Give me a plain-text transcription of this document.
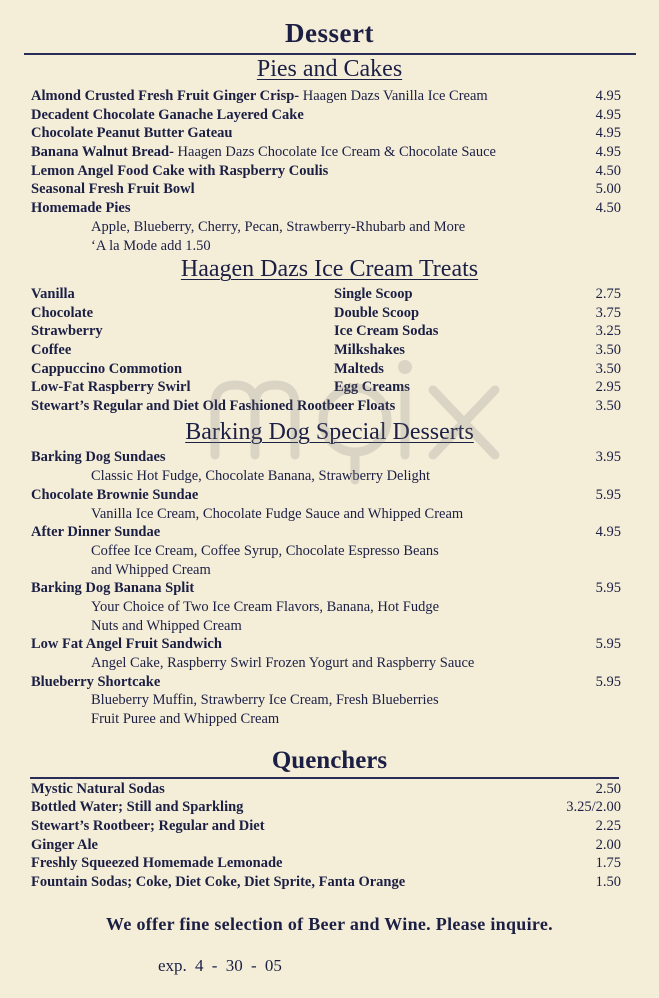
Dessert
Pies and Cakes
Almond Crusted Fresh Fruit Ginger Crisp- Haagen Dazs Vanilla Ice Cream	4.95
Decadent Chocolate Ganache Layered Cake	4.95
Chocolate Peanut Butter Gateau	4.95
Banana Walnut Bread- Haagen Dazs Chocolate Ice Cream & Chocolate Sauce	4.95
Lemon Angel Food Cake with Raspberry Coulis	4.50
Seasonal Fresh Fruit Bowl	5.00
Homemade Pies	4.50
Apple, Blueberry, Cherry, Pecan, Strawberry-Rhubarb and More
‘A la Mode add 1.50
Haagen Dazs Ice Cream Treats
Vanilla	Single Scoop	2.75
Chocolate	Double Scoop	3.75
Strawberry	Ice Cream Sodas	3.25
Coffee	Milkshakes	3.50
Cappuccino Commotion	Malteds	3.50
Low-Fat Raspberry Swirl	Egg Creams	2.95
Stewart’s Regular and Diet Old Fashioned Rootbeer Floats	3.50
Barking Dog Special Desserts
Barking Dog Sundaes	3.95
Classic Hot Fudge, Chocolate Banana, Strawberry Delight
Chocolate Brownie Sundae	5.95
Vanilla Ice Cream, Chocolate Fudge Sauce and Whipped Cream
After Dinner Sundae	4.95
Coffee Ice Cream, Coffee Syrup, Chocolate Espresso Beans
and Whipped Cream
Barking Dog Banana Split	5.95
Your Choice of Two Ice Cream Flavors, Banana, Hot Fudge
Nuts and Whipped Cream
Low Fat Angel Fruit Sandwich	5.95
Angel Cake, Raspberry Swirl Frozen Yogurt and Raspberry Sauce
Blueberry Shortcake	5.95
Blueberry Muffin, Strawberry Ice Cream, Fresh Blueberries
Fruit Puree and Whipped Cream
Quenchers
Mystic Natural Sodas	2.50
Bottled Water; Still and Sparkling	3.25/2.00
Stewart’s Rootbeer; Regular and Diet	2.25
Ginger Ale	2.00
Freshly Squeezed Homemade Lemonade	1.75
Fountain Sodas; Coke, Diet Coke, Diet Sprite, Fanta Orange	1.50
We offer fine selection of Beer and Wine. Please inquire.
exp. 4 - 30 - 05
